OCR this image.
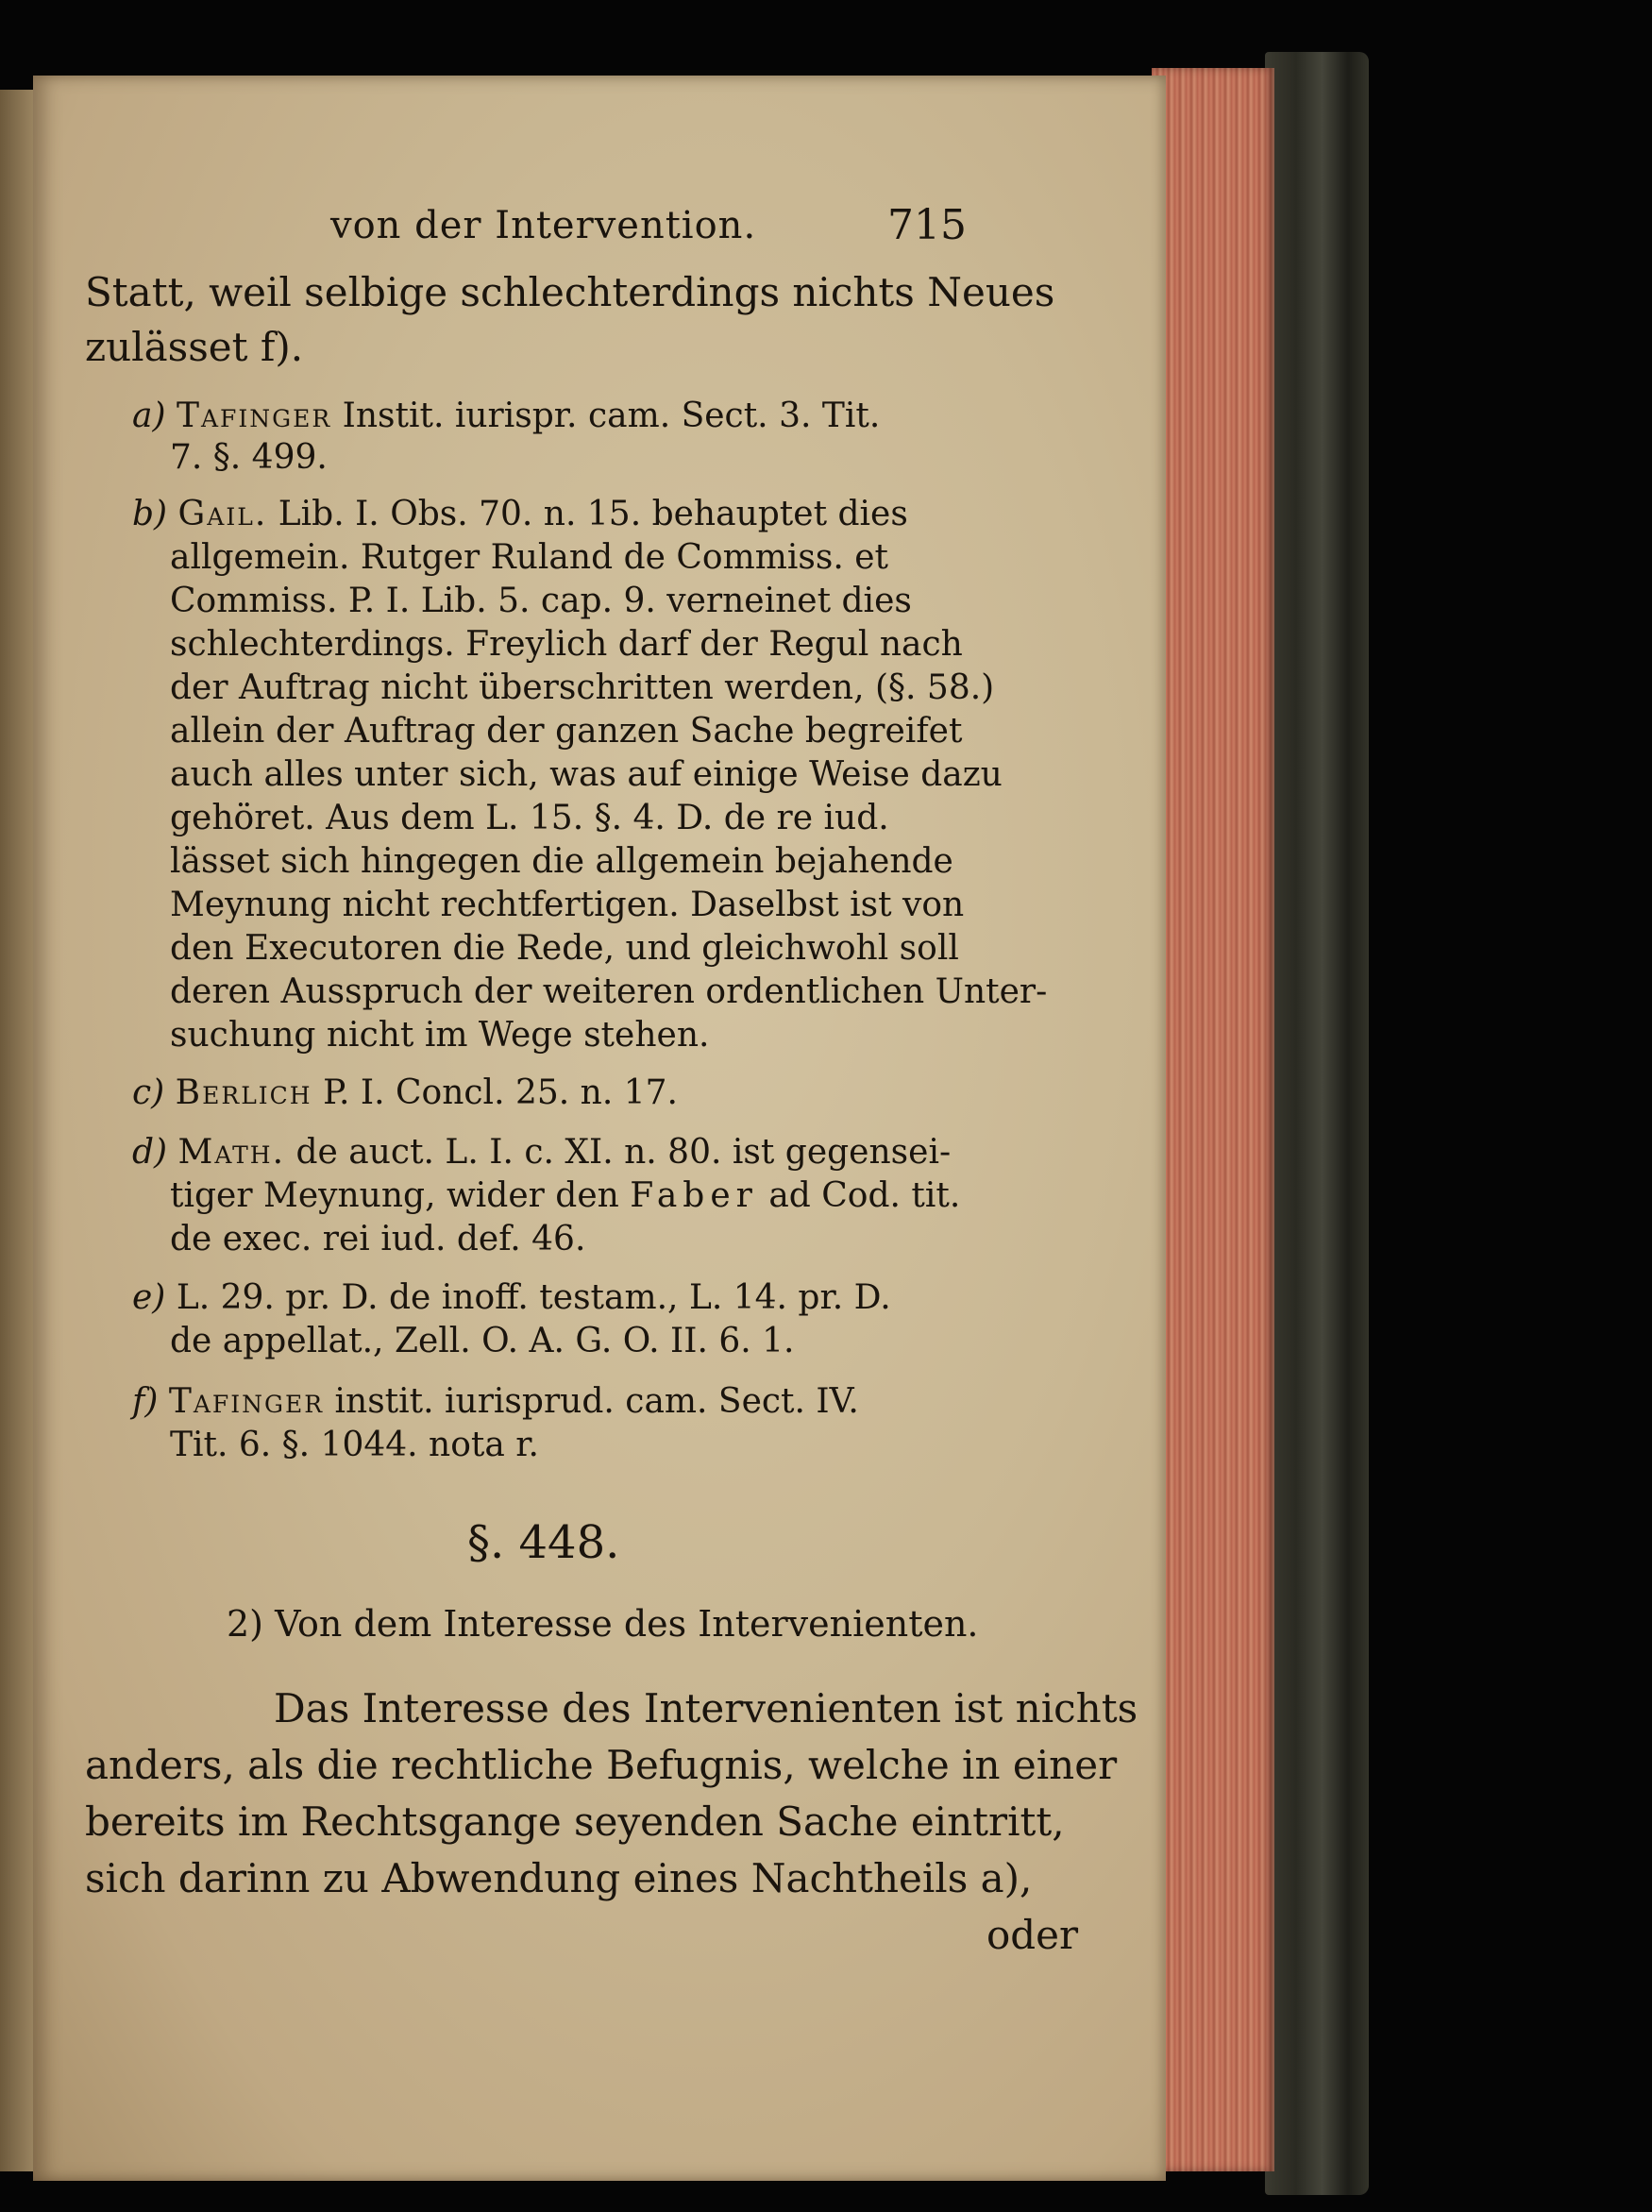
von der Intervention.	715
Statt, weil selbige schlechterdings nichts Neues
zulässet f).
a) Tafinger Instit. iurispr. cam. Sect. 3. Tit.
7. §. 499.
b) Gail. Lib. I. Obs. 70. n. 15. behauptet dies
allgemein. Rutger Ruland de Commiss. et
Commiss. P. I. Lib. 5. cap. 9. verneinet dies
schlechterdings. Freylich darf der Regul nach
der Auftrag nicht überschritten werden, (§. 58.)
allein der Auftrag der ganzen Sache begreifet
auch alles unter sich, was auf einige Weise dazu
gehöret. Aus dem L. 15. §. 4. D. de re iud.
lässet sich hingegen die allgemein bejahende
Meynung nicht rechtfertigen. Daselbst ist von
den Executoren die Rede, und gleichwohl soll
deren Ausspruch der weiteren ordentlichen Unter-
suchung nicht im Wege stehen.
c) Berlich P. I. Concl. 25. n. 17.
d) Math. de auct. L. I. c. XI. n. 80. ist gegensei-
tiger Meynung, wider den Faber ad Cod. tit.
de exec. rei iud. def. 46.
e) L. 29. pr. D. de inoff. testam., L. 14. pr. D.
de appellat., Zell. O. A. G. O. II. 6. 1.
f) Tafinger instit. iurisprud. cam. Sect. IV.
Tit. 6. §. 1044. nota r.
§. 448.
2) Von dem Interesse des Intervenienten.
Das Interesse des Intervenienten ist nichts
anders, als die rechtliche Befugnis, welche in einer
bereits im Rechtsgange seyenden Sache eintritt,
sich darinn zu Abwendung eines Nachtheils a),
oder
